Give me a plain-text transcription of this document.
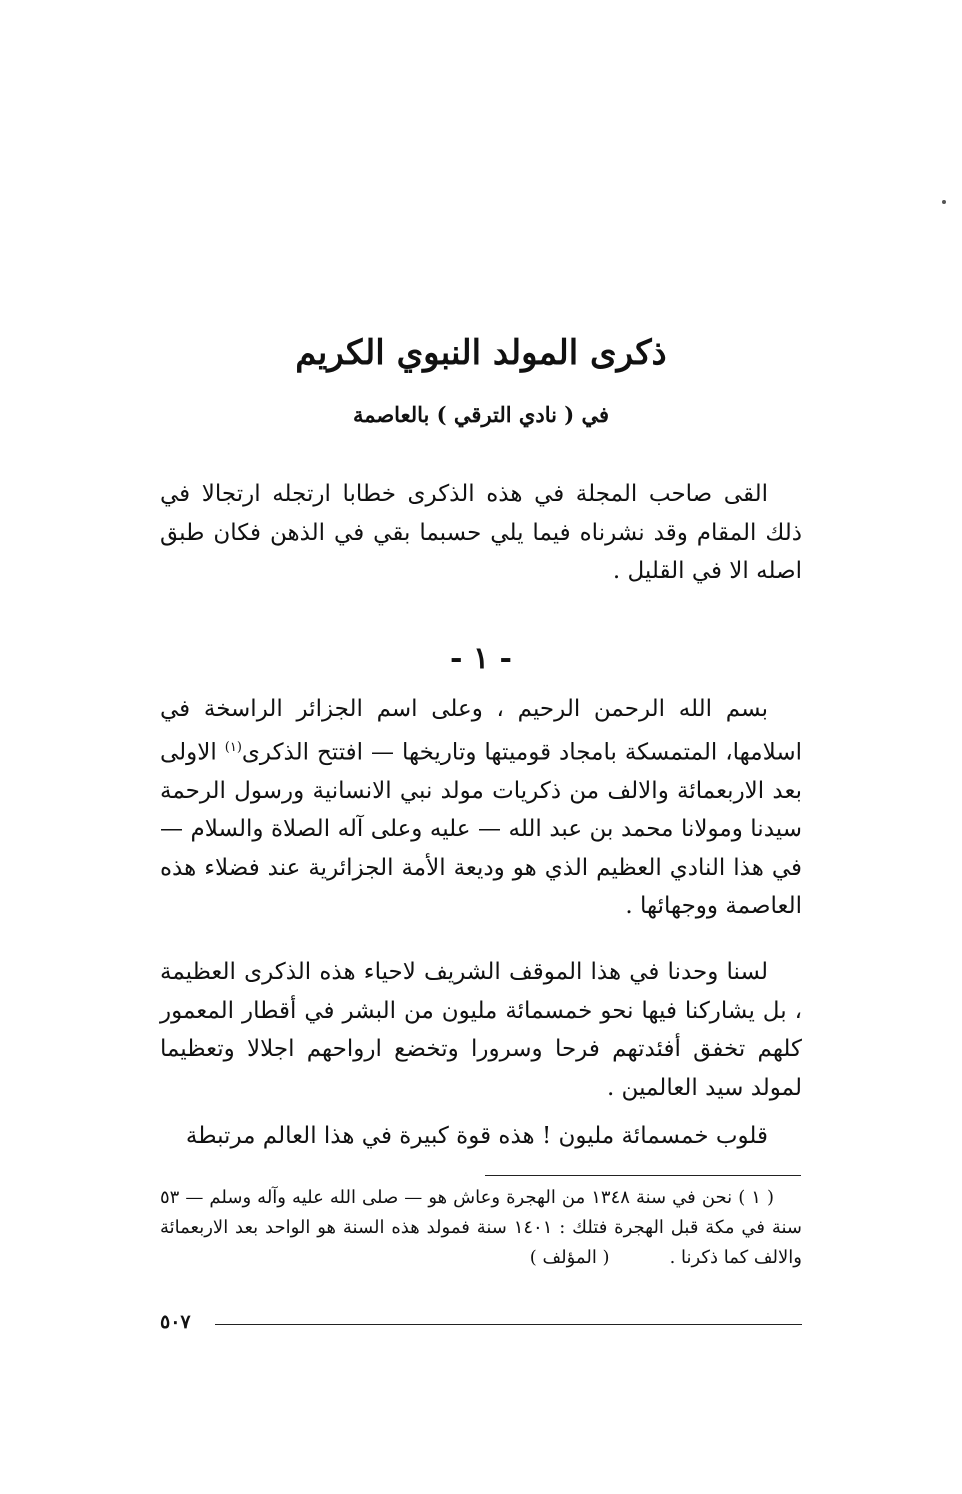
ذكرى المولد النبوي الكريم
في ( نادي الترقي ) بالعاصمة

القى صاحب المجلة في هذه الذكرى خطابا ارتجله ارتجالا في ذلك المقام وقد نشرناه فيما يلي حسبما بقي في الذهن فكان طبق اصله الا في القليل .

- ١ -

بسم الله الرحمن الرحيم ، وعلى اسم الجزائر الراسخة في اسلامها، المتمسكة بامجاد قوميتها وتاريخها — افتتح الذكرى$^{(١)}$ الاولى بعد الاربعمائة والالف من ذكريات مولد نبي الانسانية ورسول الرحمة سيدنا ومولانا محمد بن عبد الله — عليه وعلى آله الصلاة والسلام — في هذا النادي العظيم الذي هو وديعة الأمة الجزائرية عند فضلاء هذه العاصمة ووجهائها .

لسنا وحدنا في هذا الموقف الشريف لاحياء هذه الذكرى العظيمة ، بل يشاركنا فيها نحو خمسمائة مليون من البشر في أقطار المعمور كلهم تخفق أفئدتهم فرحا وسرورا وتخضع ارواحهم اجلالا وتعظيما لمولد سيد العالمين .

قلوب خمسمائة مليون ! هذه قوة كبيرة في هذا العالم مرتبطة

( ١ ) نحن في سنة ١٣٤٨ من الهجرة وعاش هو — صلى الله عليه وآله وسلم — ٥٣ سنة في مكة قبل الهجرة فتلك : ١٤٠١ سنة فمولد هذه السنة هو الواحد بعد الاربعمائة والالف كما ذكرنا .( المؤلف )

٥٠٧
